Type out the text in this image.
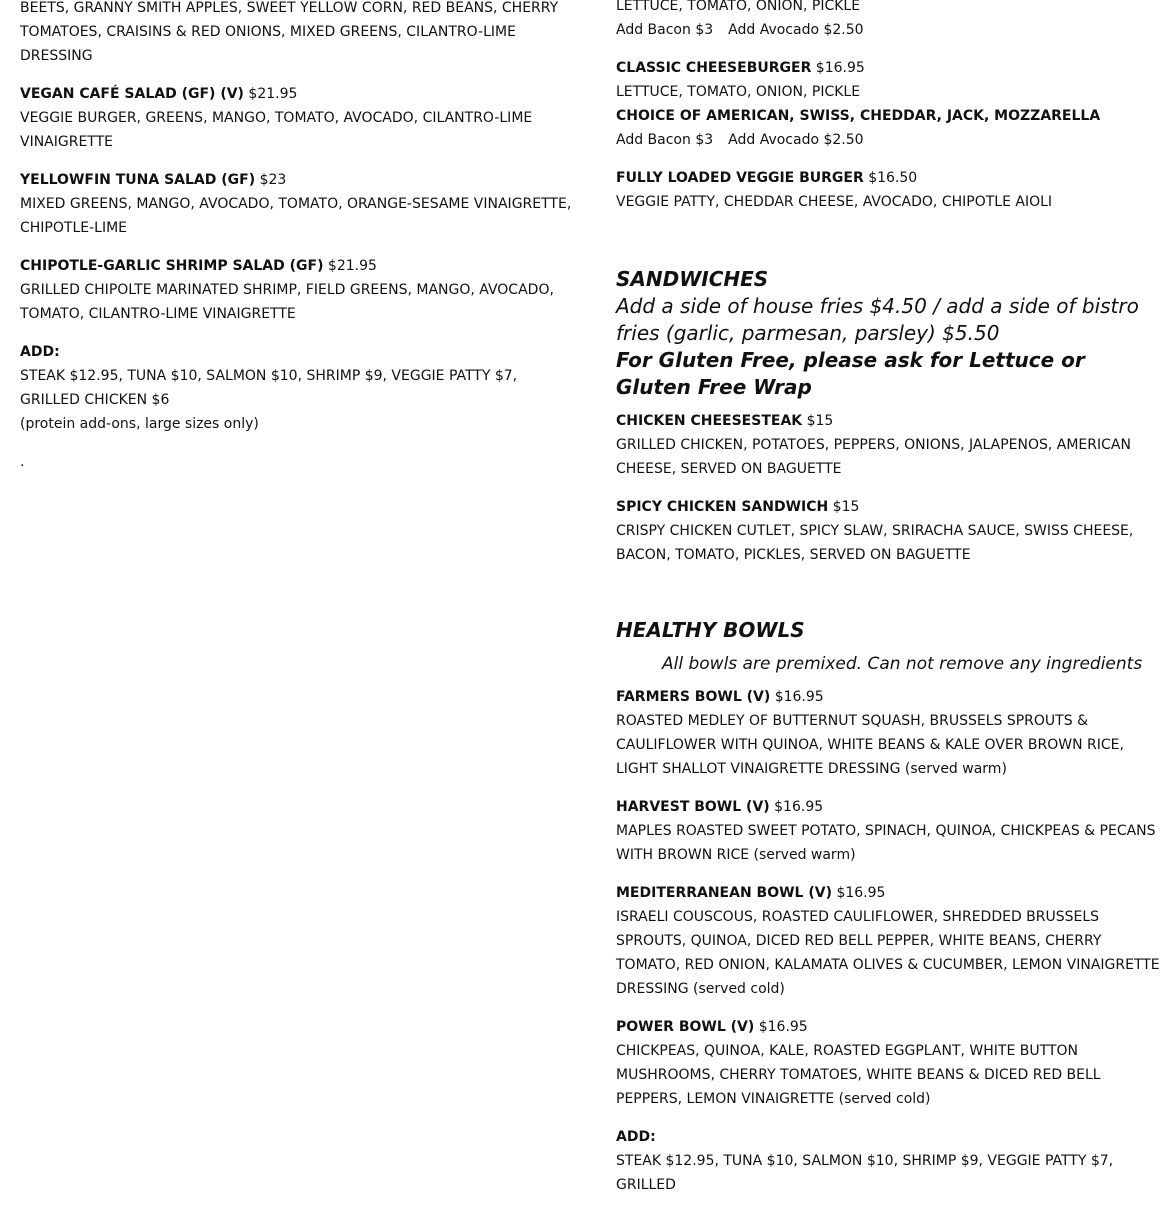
BEETS, GRANNY SMITH APPLES, SWEET YELLOW CORN, RED BEANS, CHERRY TOMATOES, CRAISINS & RED ONIONS, MIXED GREENS, CILANTRO-LIME DRESSING

VEGAN CAFÉ SALAD (GF) (V) $21.95

VEGGIE BURGER, GREENS, MANGO, TOMATO, AVOCADO, CILANTRO-LIME VINAIGRETTE

YELLOWFIN TUNA SALAD (GF) $23

MIXED GREENS, MANGO, AVOCADO, TOMATO, ORANGE-SESAME VINAIGRETTE, CHIPOTLE-LIME

CHIPOTLE-GARLIC SHRIMP SALAD (GF) $21.95

GRILLED CHIPOLTE MARINATED SHRIMP, FIELD GREENS, MANGO, AVOCADO, TOMATO, CILANTRO-LIME VINAIGRETTE

ADD:

STEAK $12.95, TUNA $10, SALMON $10, SHRIMP $9, VEGGIE PATTY $7, GRILLED CHICKEN $6

(protein add-ons, large sizes only)

.

LETTUCE, TOMATO, ONION, PICKLE

Add Bacon $3 Add Avocado $2.50
CLASSIC CHEESEBURGER $16.95

LETTUCE, TOMATO, ONION, PICKLE

CHOICE OF AMERICAN, SWISS, CHEDDAR, JACK, MOZZARELLA
Add Bacon $3 Add Avocado $2.50
FULLY LOADED VEGGIE BURGER $16.50

VEGGIE PATTY, CHEDDAR CHEESE, AVOCADO, CHIPOTLE AIOLI

SANDWICHES

Add a side of house fries $4.50 / add a side of bistro fries (garlic, parmesan, parsley) $5.50

For Gluten Free, please ask for Lettuce or Gluten Free Wrap

CHICKEN CHEESESTEAK $15

GRILLED CHICKEN, POTATOES, PEPPERS, ONIONS, JALAPENOS, AMERICAN CHEESE, SERVED ON BAGUETTE

SPICY CHICKEN SANDWICH $15

CRISPY CHICKEN CUTLET, SPICY SLAW, SRIRACHA SAUCE, SWISS CHEESE, BACON, TOMATO, PICKLES, SERVED ON BAGUETTE

HEALTHY BOWLS

All bowls are premixed. Can not remove any ingredients

FARMERS BOWL (V) $16.95

ROASTED MEDLEY OF BUTTERNUT SQUASH, BRUSSELS SPROUTS & CAULIFLOWER WITH QUINOA, WHITE BEANS & KALE OVER BROWN RICE, LIGHT SHALLOT VINAIGRETTE DRESSING (served warm)

HARVEST BOWL (V) $16.95

MAPLES ROASTED SWEET POTATO, SPINACH, QUINOA, CHICKPEAS & PECANS WITH BROWN RICE (served warm)

MEDITERRANEAN BOWL (V) $16.95

ISRAELI COUSCOUS, ROASTED CAULIFLOWER, SHREDDED BRUSSELS SPROUTS, QUINOA, DICED RED BELL PEPPER, WHITE BEANS, CHERRY TOMATO, RED ONION, KALAMATA OLIVES & CUCUMBER, LEMON VINAIGRETTE DRESSING (served cold)

POWER BOWL (V) $16.95

CHICKPEAS, QUINOA, KALE, ROASTED EGGPLANT, WHITE BUTTON MUSHROOMS, CHERRY TOMATOES, WHITE BEANS & DICED RED BELL PEPPERS, LEMON VINAIGRETTE (served cold)

ADD:

STEAK $12.95, TUNA $10, SALMON $10, SHRIMP $9, VEGGIE PATTY $7, GRILLED
